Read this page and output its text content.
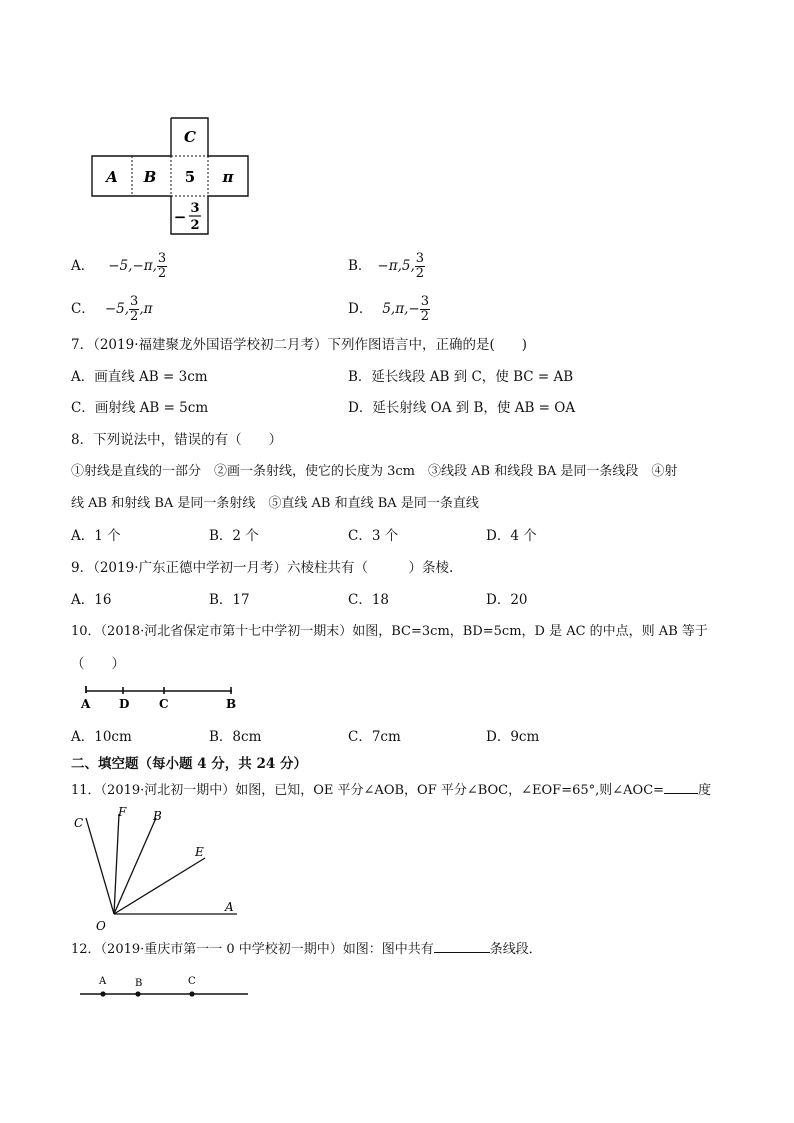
C
A B 5 π
− 3
2
A． −5,−π, $\frac{3}{2}$	B． −π,5, $\frac{3}{2}$
C． −5, $\frac{3}{2} ,\pi$	D． $5,\pi,- \frac{3}{2}$
7．（2019·福建聚龙外国语学校初二月考）下列作图语言中，正确的是(　　)
A．画直线 AB = 3cm	B．延长线段 AB 到 C，使 BC = AB
C．画射线 AB = 5cm	D．延长射线 OA 到 B，使 AB = OA
8．下列说法中，错误的有（　　）
①射线是直线的一部分　②画一条射线，使它的长度为 3cm　③线段 AB 和线段 BA 是同一条线段　④射
线 AB 和射线 BA 是同一条射线　⑤直线 AB 和直线 BA 是同一条直线
A．1 个	B．2 个	C．3 个	D．4 个
9．（2019·广东正德中学初一月考）六棱柱共有（　　　）条棱.
A．16	B．17	C．18	D．20
10．（2018·河北省保定市第十七中学初一期末）如图，BC=3cm，BD=5cm，D 是 AC 的中点，则 AB 等于
（　　）
A D C	B
A．10cm	B．8cm	C．7cm	D．9cm
二、填空题（每小题 4 分，共 24 分）
11．（2019·河北初一期中）如图，已知，OE 平分∠AOB，OF 平分∠BOC，∠EOF=65°,则∠AOC=	度
C
F B
E
A
O
12．（2019·重庆市第一一 0 中学校初一期中）如图：图中共有	条线段．
A	B	C
